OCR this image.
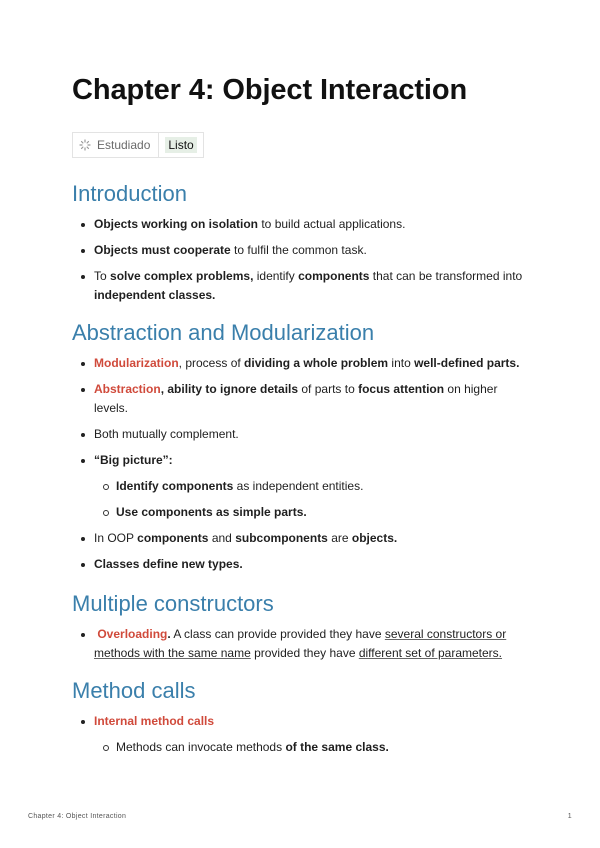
Chapter 4: Object Interaction
Estudiado Listo
Introduction
Objects working on isolation to build actual applications.
Objects must cooperate to fulfil the common task.
To solve complex problems, identify components that can be transformed into independent classes.
Abstraction and Modularization
Modularization, process of dividing a whole problem into well-defined parts.
Abstraction, ability to ignore details of parts to focus attention on higher levels.
Both mutually complement.
“Big picture”:
Identify components as independent entities.
Use components as simple parts.
In OOP components and subcomponents are objects.
Classes define new types.
Multiple constructors
Overloading. A class can provide provided they have several constructors or methods with the same name provided they have different set of parameters.
Method calls
Internal method calls
Methods can invocate methods of the same class.
Chapter 4: Object Interaction	1
